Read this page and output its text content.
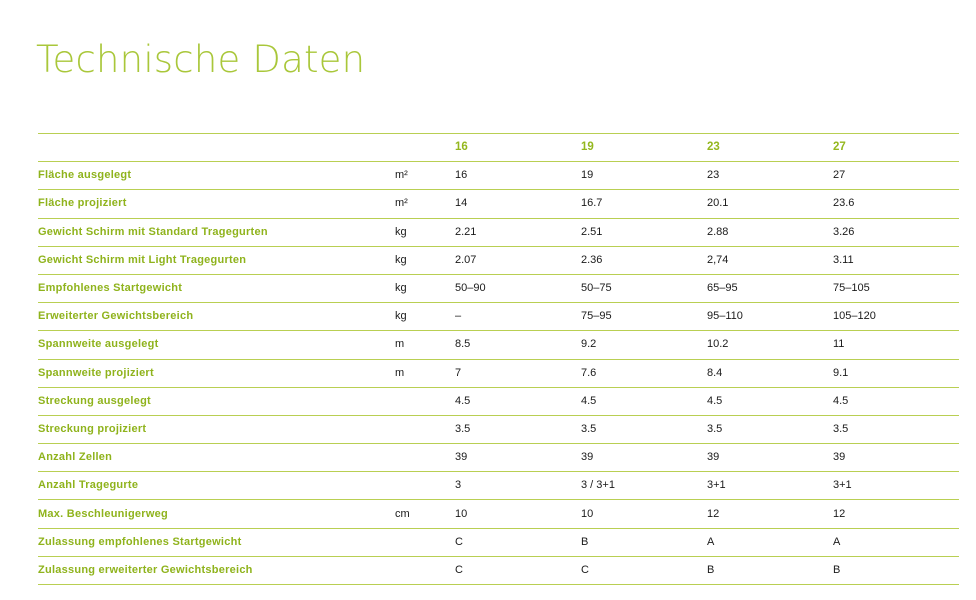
Technische Daten
		16	19	23	27
Fläche ausgelegt	m²	16	19	23	27
Fläche projiziert	m²	14	16.7	20.1	23.6
Gewicht Schirm mit Standard Tragegurten	kg	2.21	2.51	2.88	3.26
Gewicht Schirm mit Light Tragegurten	kg	2.07	2.36	2,74	3.11
Empfohlenes Startgewicht	kg	50–90	50–75	65–95	75–105
Erweiterter Gewichtsbereich	kg	–	75–95	95–110	105–120
Spannweite ausgelegt	m	8.5	9.2	10.2	11
Spannweite projiziert	m	7	7.6	8.4	9.1
Streckung ausgelegt		4.5	4.5	4.5	4.5
Streckung projiziert		3.5	3.5	3.5	3.5
Anzahl Zellen		39	39	39	39
Anzahl Tragegurte		3	3 / 3+1	3+1	3+1
Max. Beschleunigerweg	cm	10	10	12	12
Zulassung empfohlenes Startgewicht		C	B	A	A
Zulassung erweiterter Gewichtsbereich		C	C	B	B
